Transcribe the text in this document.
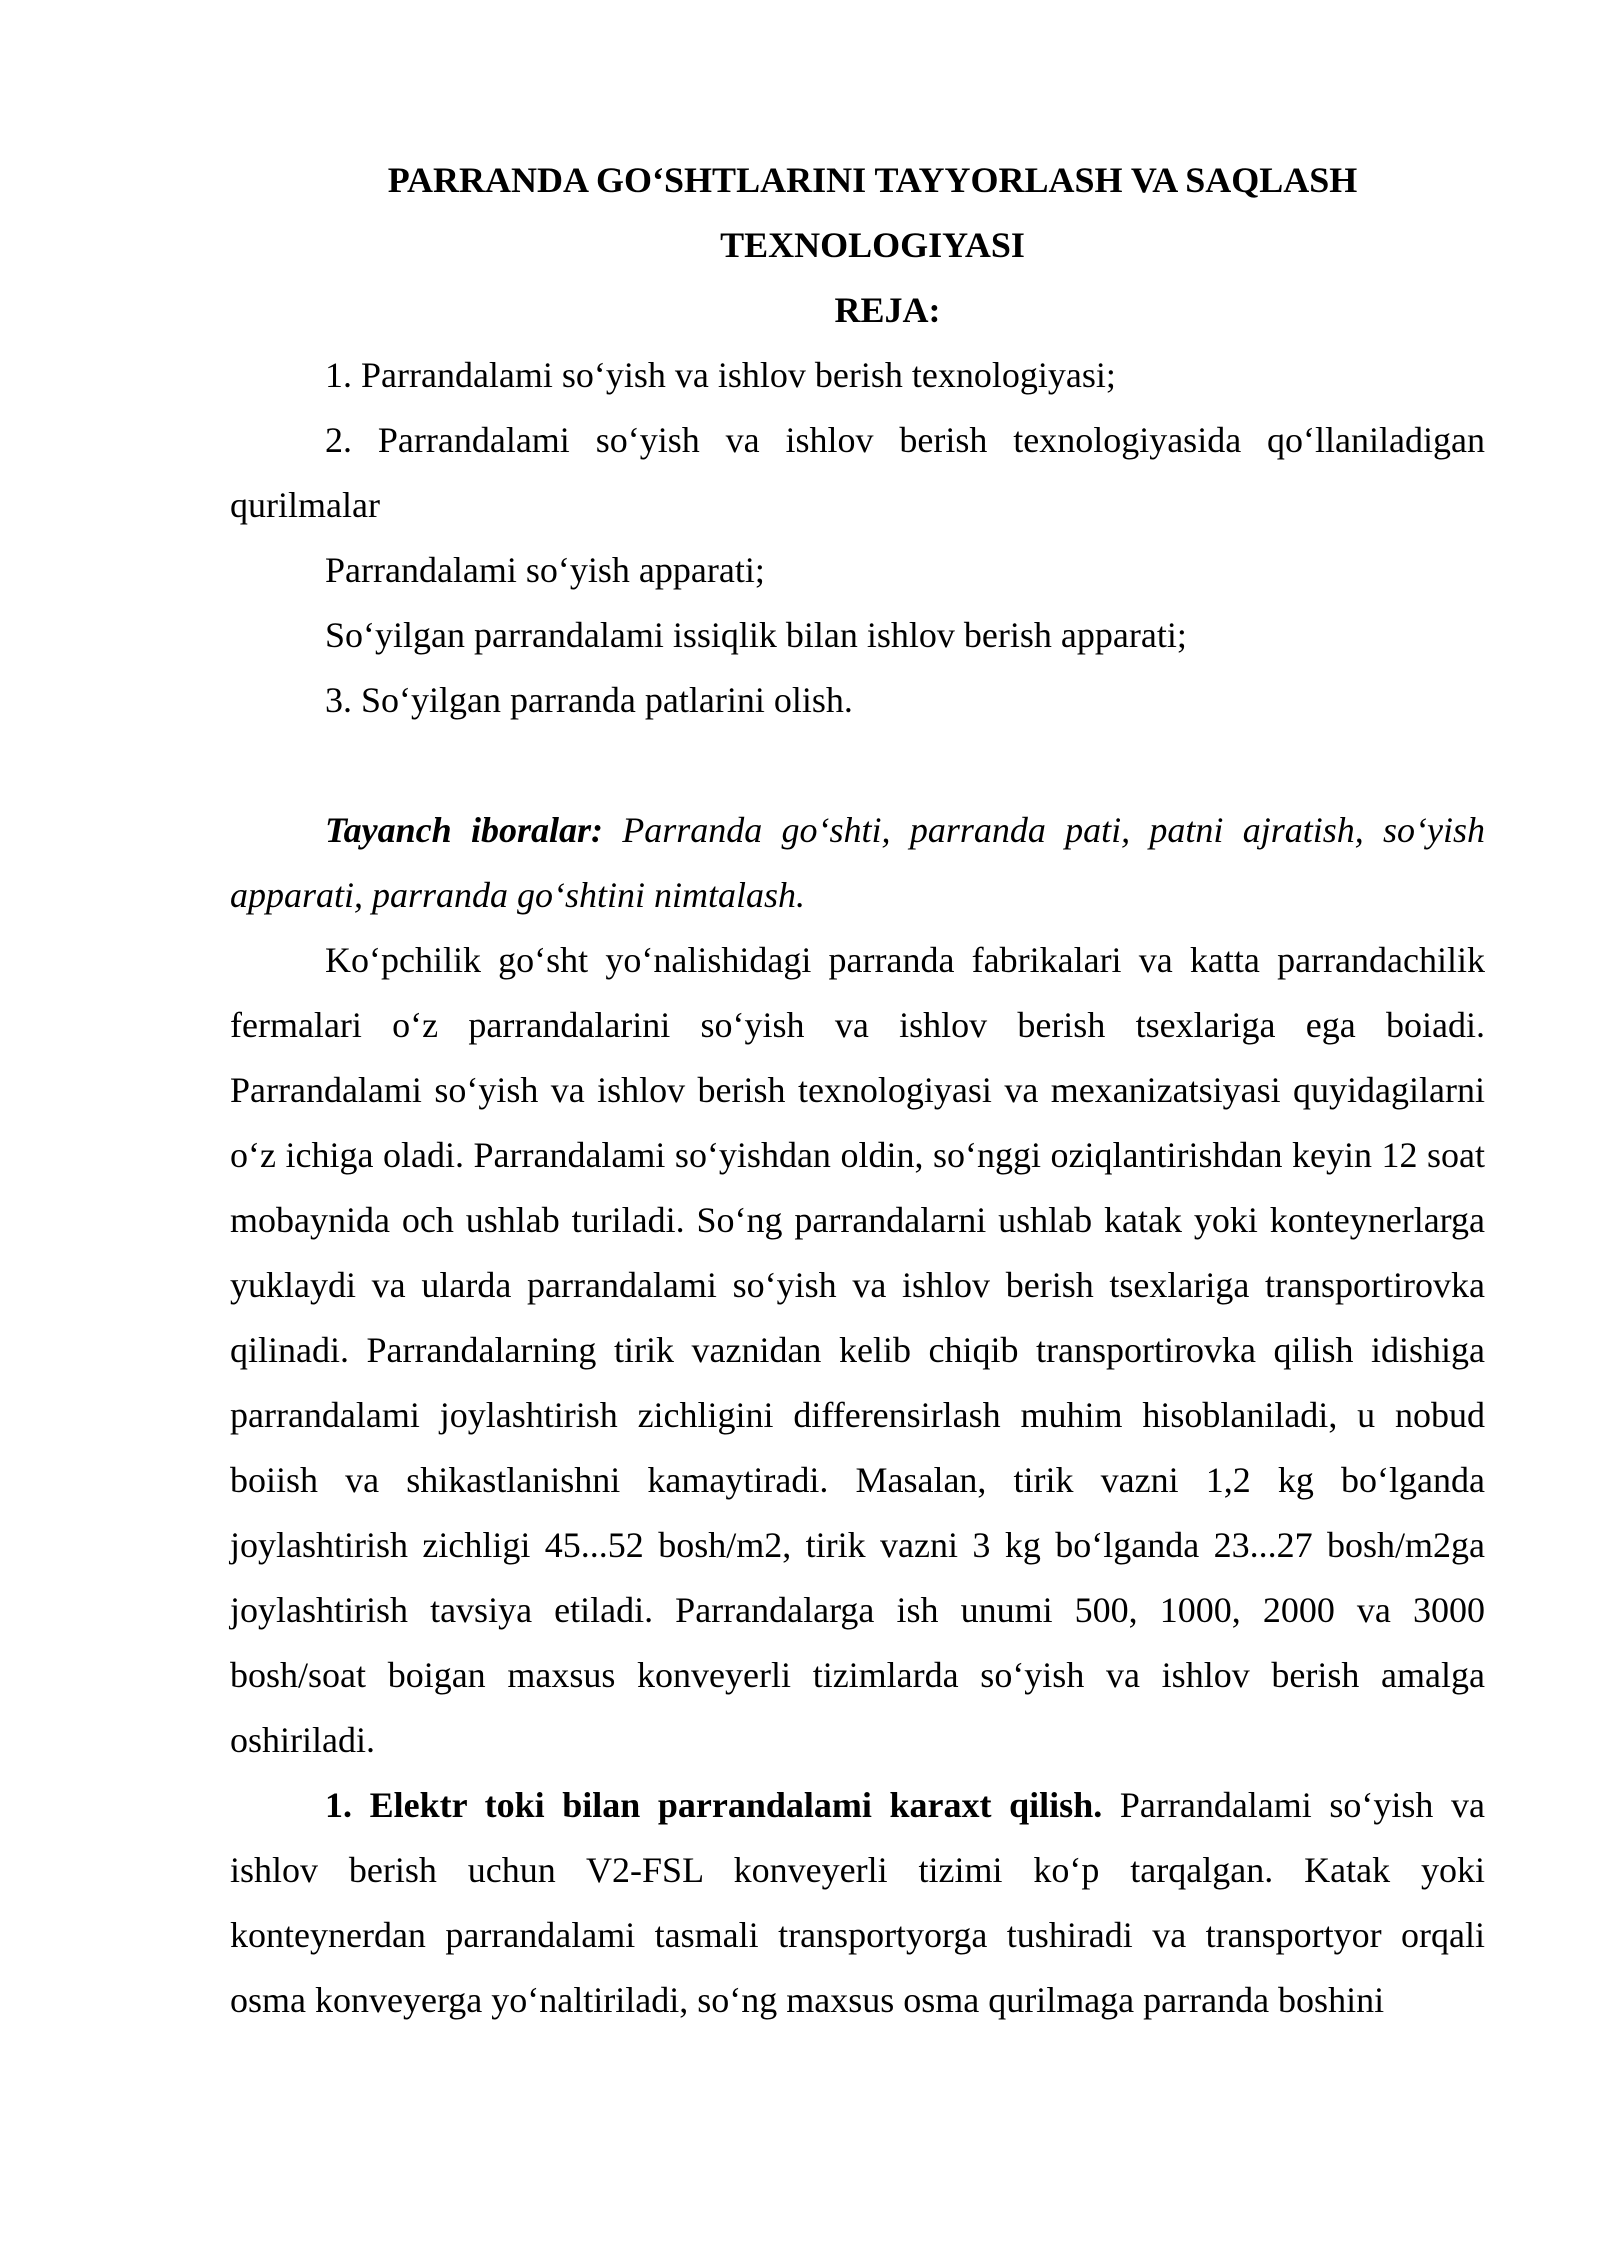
PARRANDA GO‘SHTLARINI TAYYORLASH VA SAQLASH

TEXNOLOGIYASI

REJA:

1. Parrandalami so‘yish va ishlov berish texnologiyasi;

2. Parrandalami so‘yish va ishlov berish texnologiyasida qo‘llaniladigan qurilmalar

Parrandalami so‘yish apparati;

So‘yilgan parrandalami issiqlik bilan ishlov berish apparati;

3. So‘yilgan parranda patlarini olish.

Tayanch iboralar: Parranda go‘shti, parranda pati, patni ajratish, so‘yish apparati, parranda go‘shtini nimtalash.

Ko‘pchilik go‘sht yo‘nalishidagi parranda fabrikalari va katta parrandachilik fermalari o‘z parrandalarini so‘yish va ishlov berish tsexlariga ega boiadi. Parrandalami so‘yish va ishlov berish texnologiyasi va mexanizatsiyasi quyidagilarni o‘z ichiga oladi. Parrandalami so‘yishdan oldin, so‘nggi oziqlantirishdan keyin 12 soat mobaynida och ushlab turiladi. So‘ng parrandalarni ushlab katak yoki konteynerlarga yuklaydi va ularda parrandalami so‘yish va ishlov berish tsexlariga transportirovka qilinadi. Parrandalarning tirik vaznidan kelib chiqib transportirovka qilish idishiga parrandalami joylashtirish zichligini differensirlash muhim hisoblaniladi, u nobud boiish va shikastlanishni kamaytiradi. Masalan, tirik vazni 1,2 kg bo‘lganda joylashtirish zichligi 45...52 bosh/m2, tirik vazni 3 kg bo‘lganda 23...27 bosh/m2ga joylashtirish tavsiya etiladi. Parrandalarga ish unumi 500, 1000, 2000 va 3000 bosh/soat boigan maxsus konveyerli tizimlarda so‘yish va ishlov berish amalga oshiriladi.

1. Elektr toki bilan parrandalami karaxt qilish. Parrandalami so‘yish va ishlov berish uchun V2-FSL konveyerli tizimi ko‘p tarqalgan. Katak yoki konteynerdan parrandalami tasmali transportyorga tushiradi va transportyor orqali osma konveyerga yo‘naltiriladi, so‘ng maxsus osma qurilmaga parranda boshini
